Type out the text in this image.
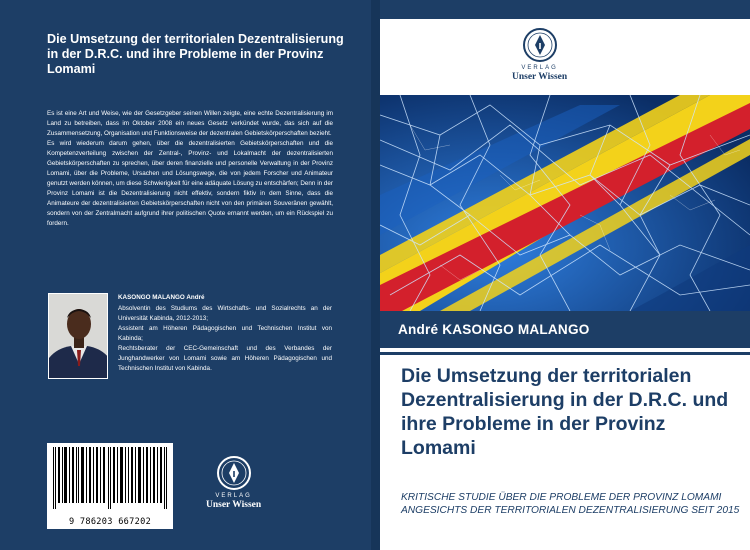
Die Umsetzung der territorialen Dezentralisierung in der D.R.C. und ihre Probleme in der Provinz Lomami

Es ist eine Art und Weise, wie der Gesetzgeber seinen Willen zeigte, eine echte Dezentralisierung im Land zu betreiben, dass im Oktober 2008 ein neues Gesetz verkündet wurde, das sich auf die Zusammensetzung, Organisation und Funktionsweise der dezentralen Gebietskörperschaften bezieht.

Es wird wiederum darum gehen, über die dezentralisierten Gebietskörperschaften und die Kompetenzverteilung zwischen der Zentral-, Provinz- und Lokalmacht der dezentralisierten Gebietskörperschaften zu sprechen, über deren finanzielle und personelle Verwaltung in der Provinz Lomami, über die Probleme, Ursachen und Lösungswege, die von jedem Forscher und Animateur genutzt werden können, um diese Schwierigkeit für eine adäquate Lösung zu entschärfen; Denn in der Provinz Lomami ist die Dezentralisierung nicht effektiv, sondern fiktiv in dem Sinne, dass die Animateure der dezentralisierten Gebietskörperschaften nicht von den primären Souveränen gewählt, sondern von der Zentralmacht aufgrund ihrer politischen Quote ernannt werden, um ein Rückspiel zu fordern.

KASONGO MALANGO André
Absolventin des Studiums des Wirtschafts- und Sozialrechts an der Universität Kabinda, 2012-2013;
Assistent am Höheren Pädagogischen und Technischen Institut von Kabinda;
Rechtsberater der CEC-Gemeinschaft und des Verbandes der Junghandwerker von Lomami sowie am Höheren Pädagogischen und Technischen Institut von Kabinda.
9 786203 667202
VERLAG
Unser Wissen
VERLAG
Unser Wissen
André KASONGO MALANGO
Die Umsetzung der territorialen Dezentralisierung in der D.R.C. und ihre Probleme in der Provinz Lomami

KRITISCHE STUDIE ÜBER DIE PROBLEME DER PROVINZ LOMAMI ANGESICHTS DER TERRITORIALEN DEZENTRALISIERUNG SEIT 2015
